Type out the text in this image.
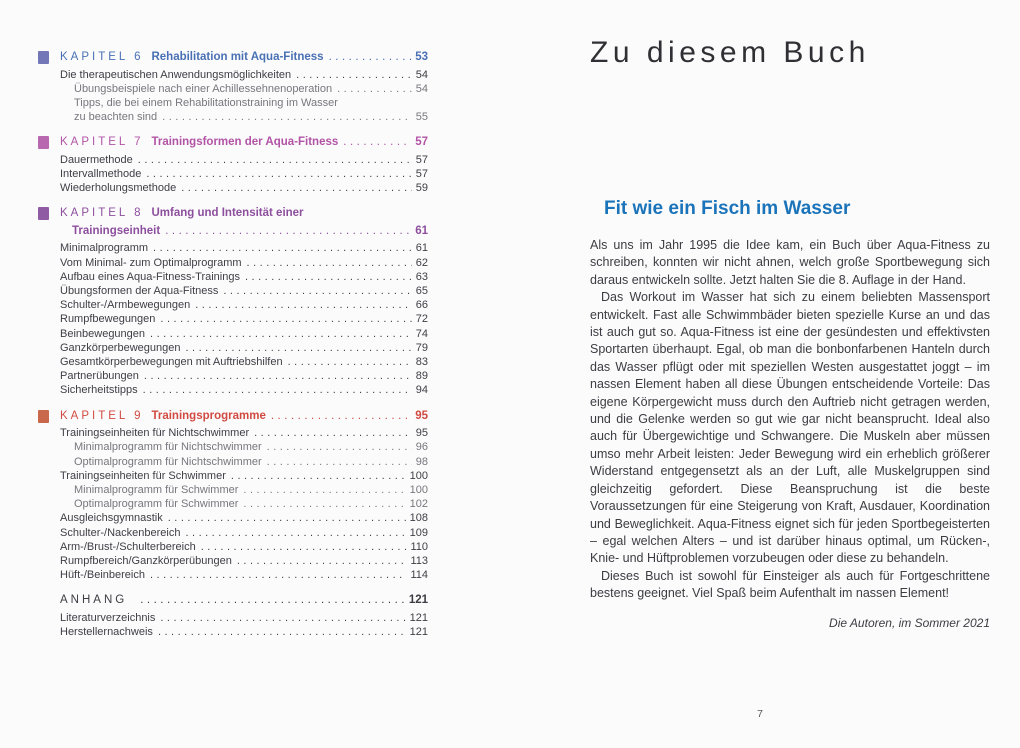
KAPITEL 6 Rehabilitation mit Aqua-Fitness .....	53
Die therapeutischen Anwendungsmöglichkeiten .....	54
Übungsbeispiele nach einer Achillessehnenoperation .....	54
Tipps, die bei einem Rehabilitationstraining im Wasser
zu beachten sind .....	55
KAPITEL 7 Trainingsformen der Aqua-Fitness .....	57
Dauermethode .....	57
Intervallmethode .....	57
Wiederholungsmethode .....	59
KAPITEL 8 Umfang und Intensität einer
Trainingseinheit .....	61
Minimalprogramm .....	61
Vom Minimal- zum Optimalprogramm .....	62
Aufbau eines Aqua-Fitness-Trainings .....	63
Übungsformen der Aqua-Fitness .....	65
Schulter-/Armbewegungen .....	66
Rumpfbewegungen .....	72
Beinbewegungen .....	74
Ganzkörperbewegungen .....	79
Gesamtkörperbewegungen mit Auftriebshilfen .....	83
Partnerübungen .....	89
Sicherheitstipps .....	94
KAPITEL 9 Trainingsprogramme .....	95
Trainingseinheiten für Nichtschwimmer .....	95
Minimalprogramm für Nichtschwimmer .....	96
Optimalprogramm für Nichtschwimmer .....	98
Trainingseinheiten für Schwimmer .....	100
Minimalprogramm für Schwimmer .....	100
Optimalprogramm für Schwimmer .....	102
Ausgleichsgymnastik .....	108
Schulter-/Nackenbereich .....	109
Arm-/Brust-/Schulterbereich .....	110
Rumpfbereich/Ganzkörperübungen .....	113
Hüft-/Beinbereich .....	114
ANHANG .....	121
Literaturverzeichnis .....	121
Herstellernachweis .....	121
Zu diesem Buch
Fit wie ein Fisch im Wasser

Als uns im Jahr 1995 die Idee kam, ein Buch über Aqua-Fitness zu schreiben, konnten wir nicht ahnen, welch große Sportbewegung sich daraus entwickeln sollte. Jetzt halten Sie die 8. Auflage in der Hand.

Das Workout im Wasser hat sich zu einem beliebten Massensport entwickelt. Fast alle Schwimmbäder bieten spezielle Kurse an und das ist auch gut so. Aqua-Fitness ist eine der gesündesten und effektivsten Sportarten überhaupt. Egal, ob man die bonbonfarbenen Hanteln durch das Wasser pflügt oder mit speziellen Westen ausgestattet joggt – im nassen Element haben all diese Übungen entscheidende Vorteile: Das eigene Körpergewicht muss durch den Auftrieb nicht getragen werden, und die Gelenke werden so gut wie gar nicht beansprucht. Ideal also auch für Übergewichtige und Schwangere. Die Muskeln aber müssen umso mehr Arbeit leisten: Jeder Bewegung wird ein erheblich größerer Widerstand entgegensetzt als an der Luft, alle Muskelgruppen sind gleichzeitig gefordert. Diese Beanspruchung ist die beste Voraussetzungen für eine Steigerung von Kraft, Ausdauer, Koordination und Beweglichkeit. Aqua-Fitness eignet sich für jeden Sportbegeisterten – egal welchen Alters – und ist darüber hinaus optimal, um Rücken-, Knie- und Hüftproblemen vorzubeugen oder diese zu behandeln.

Dieses Buch ist sowohl für Einsteiger als auch für Fortgeschrittene bestens geeignet. Viel Spaß beim Aufenthalt im nassen Element!

Die Autoren, im Sommer 2021
7
